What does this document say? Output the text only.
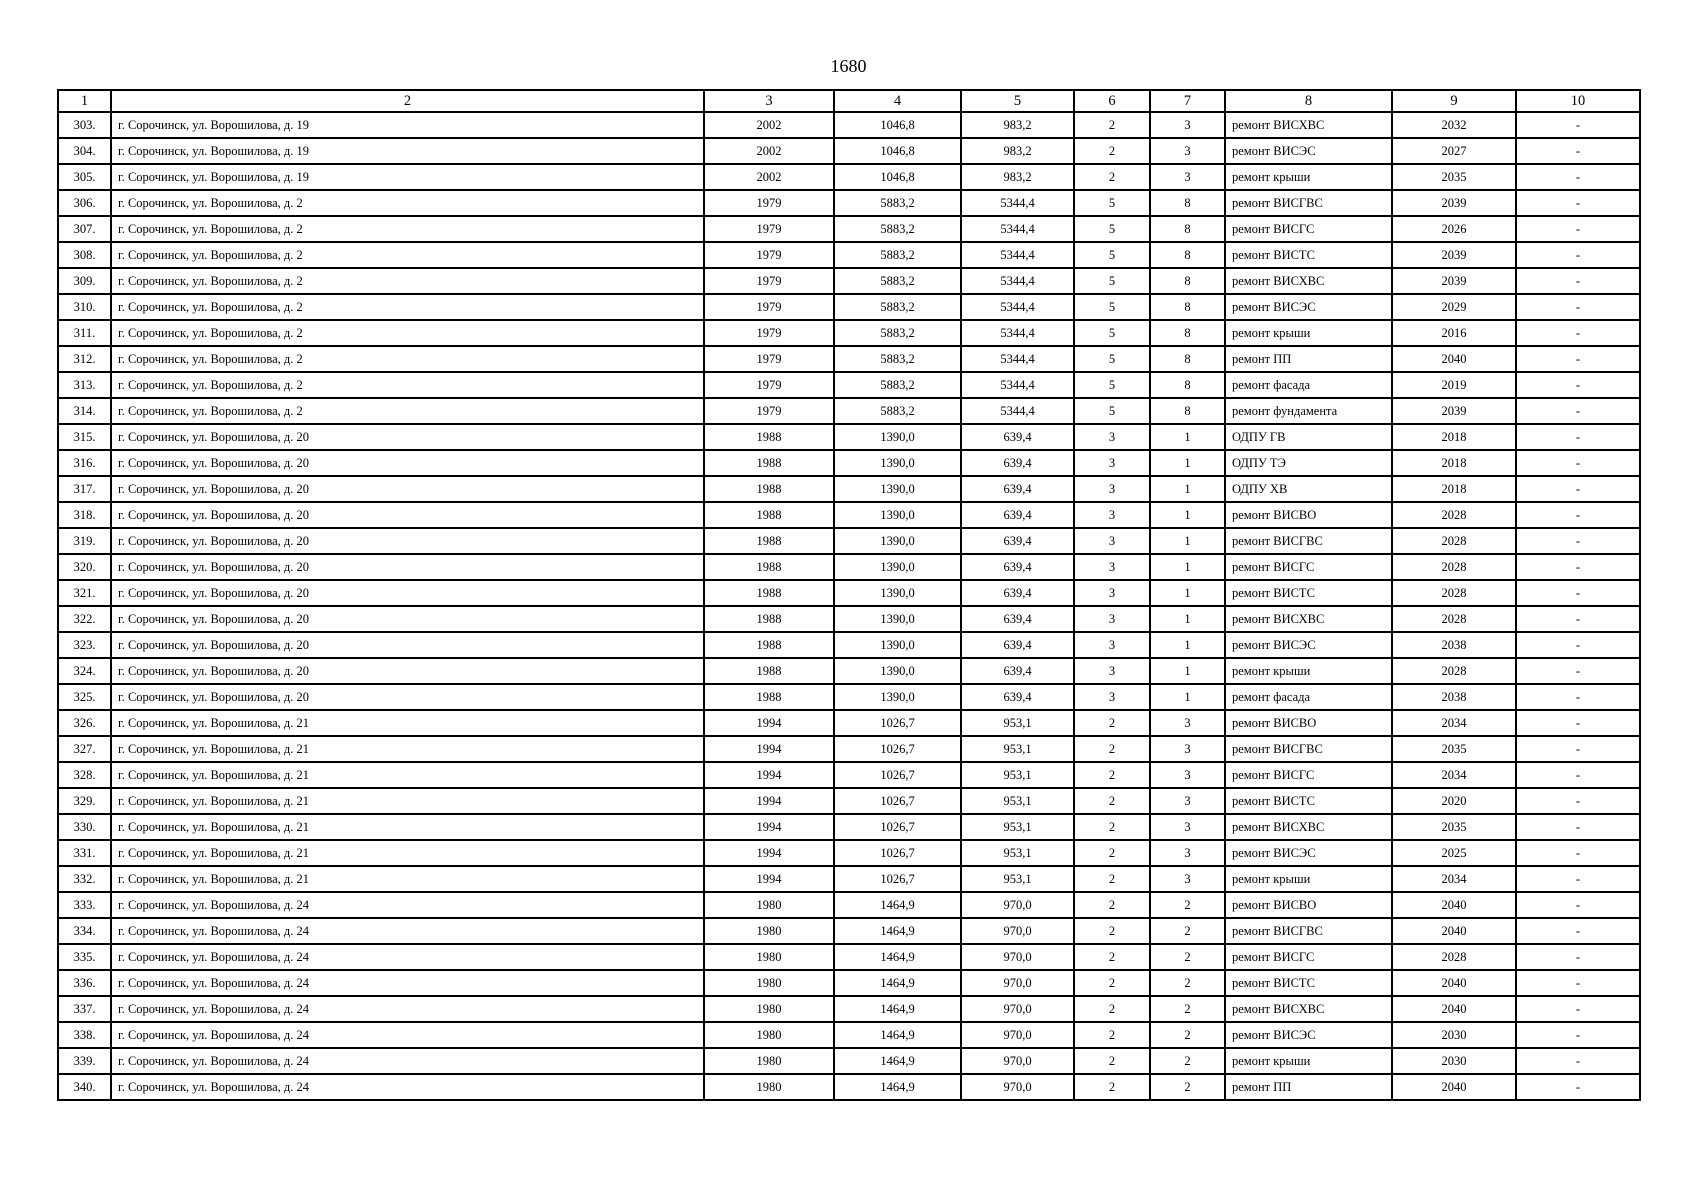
1680
1	2	3	4	5	6	7	8	9	10
303.	г. Сорочинск, ул. Ворошилова, д. 19	2002	1046,8	983,2	2	3	ремонт ВИСХВС	2032	-
304.	г. Сорочинск, ул. Ворошилова, д. 19	2002	1046,8	983,2	2	3	ремонт ВИСЭС	2027	-
305.	г. Сорочинск, ул. Ворошилова, д. 19	2002	1046,8	983,2	2	3	ремонт крыши	2035	-
306.	г. Сорочинск, ул. Ворошилова, д. 2	1979	5883,2	5344,4	5	8	ремонт ВИСГВС	2039	-
307.	г. Сорочинск, ул. Ворошилова, д. 2	1979	5883,2	5344,4	5	8	ремонт ВИСГС	2026	-
308.	г. Сорочинск, ул. Ворошилова, д. 2	1979	5883,2	5344,4	5	8	ремонт ВИСТС	2039	-
309.	г. Сорочинск, ул. Ворошилова, д. 2	1979	5883,2	5344,4	5	8	ремонт ВИСХВС	2039	-
310.	г. Сорочинск, ул. Ворошилова, д. 2	1979	5883,2	5344,4	5	8	ремонт ВИСЭС	2029	-
311.	г. Сорочинск, ул. Ворошилова, д. 2	1979	5883,2	5344,4	5	8	ремонт крыши	2016	-
312.	г. Сорочинск, ул. Ворошилова, д. 2	1979	5883,2	5344,4	5	8	ремонт ПП	2040	-
313.	г. Сорочинск, ул. Ворошилова, д. 2	1979	5883,2	5344,4	5	8	ремонт фасада	2019	-
314.	г. Сорочинск, ул. Ворошилова, д. 2	1979	5883,2	5344,4	5	8	ремонт фундамента	2039	-
315.	г. Сорочинск, ул. Ворошилова, д. 20	1988	1390,0	639,4	3	1	ОДПУ ГВ	2018	-
316.	г. Сорочинск, ул. Ворошилова, д. 20	1988	1390,0	639,4	3	1	ОДПУ ТЭ	2018	-
317.	г. Сорочинск, ул. Ворошилова, д. 20	1988	1390,0	639,4	3	1	ОДПУ ХВ	2018	-
318.	г. Сорочинск, ул. Ворошилова, д. 20	1988	1390,0	639,4	3	1	ремонт ВИСВО	2028	-
319.	г. Сорочинск, ул. Ворошилова, д. 20	1988	1390,0	639,4	3	1	ремонт ВИСГВС	2028	-
320.	г. Сорочинск, ул. Ворошилова, д. 20	1988	1390,0	639,4	3	1	ремонт ВИСГС	2028	-
321.	г. Сорочинск, ул. Ворошилова, д. 20	1988	1390,0	639,4	3	1	ремонт ВИСТС	2028	-
322.	г. Сорочинск, ул. Ворошилова, д. 20	1988	1390,0	639,4	3	1	ремонт ВИСХВС	2028	-
323.	г. Сорочинск, ул. Ворошилова, д. 20	1988	1390,0	639,4	3	1	ремонт ВИСЭС	2038	-
324.	г. Сорочинск, ул. Ворошилова, д. 20	1988	1390,0	639,4	3	1	ремонт крыши	2028	-
325.	г. Сорочинск, ул. Ворошилова, д. 20	1988	1390,0	639,4	3	1	ремонт фасада	2038	-
326.	г. Сорочинск, ул. Ворошилова, д. 21	1994	1026,7	953,1	2	3	ремонт ВИСВО	2034	-
327.	г. Сорочинск, ул. Ворошилова, д. 21	1994	1026,7	953,1	2	3	ремонт ВИСГВС	2035	-
328.	г. Сорочинск, ул. Ворошилова, д. 21	1994	1026,7	953,1	2	3	ремонт ВИСГС	2034	-
329.	г. Сорочинск, ул. Ворошилова, д. 21	1994	1026,7	953,1	2	3	ремонт ВИСТС	2020	-
330.	г. Сорочинск, ул. Ворошилова, д. 21	1994	1026,7	953,1	2	3	ремонт ВИСХВС	2035	-
331.	г. Сорочинск, ул. Ворошилова, д. 21	1994	1026,7	953,1	2	3	ремонт ВИСЭС	2025	-
332.	г. Сорочинск, ул. Ворошилова, д. 21	1994	1026,7	953,1	2	3	ремонт крыши	2034	-
333.	г. Сорочинск, ул. Ворошилова, д. 24	1980	1464,9	970,0	2	2	ремонт ВИСВО	2040	-
334.	г. Сорочинск, ул. Ворошилова, д. 24	1980	1464,9	970,0	2	2	ремонт ВИСГВС	2040	-
335.	г. Сорочинск, ул. Ворошилова, д. 24	1980	1464,9	970,0	2	2	ремонт ВИСГС	2028	-
336.	г. Сорочинск, ул. Ворошилова, д. 24	1980	1464,9	970,0	2	2	ремонт ВИСТС	2040	-
337.	г. Сорочинск, ул. Ворошилова, д. 24	1980	1464,9	970,0	2	2	ремонт ВИСХВС	2040	-
338.	г. Сорочинск, ул. Ворошилова, д. 24	1980	1464,9	970,0	2	2	ремонт ВИСЭС	2030	-
339.	г. Сорочинск, ул. Ворошилова, д. 24	1980	1464,9	970,0	2	2	ремонт крыши	2030	-
340.	г. Сорочинск, ул. Ворошилова, д. 24	1980	1464,9	970,0	2	2	ремонт ПП	2040	-
